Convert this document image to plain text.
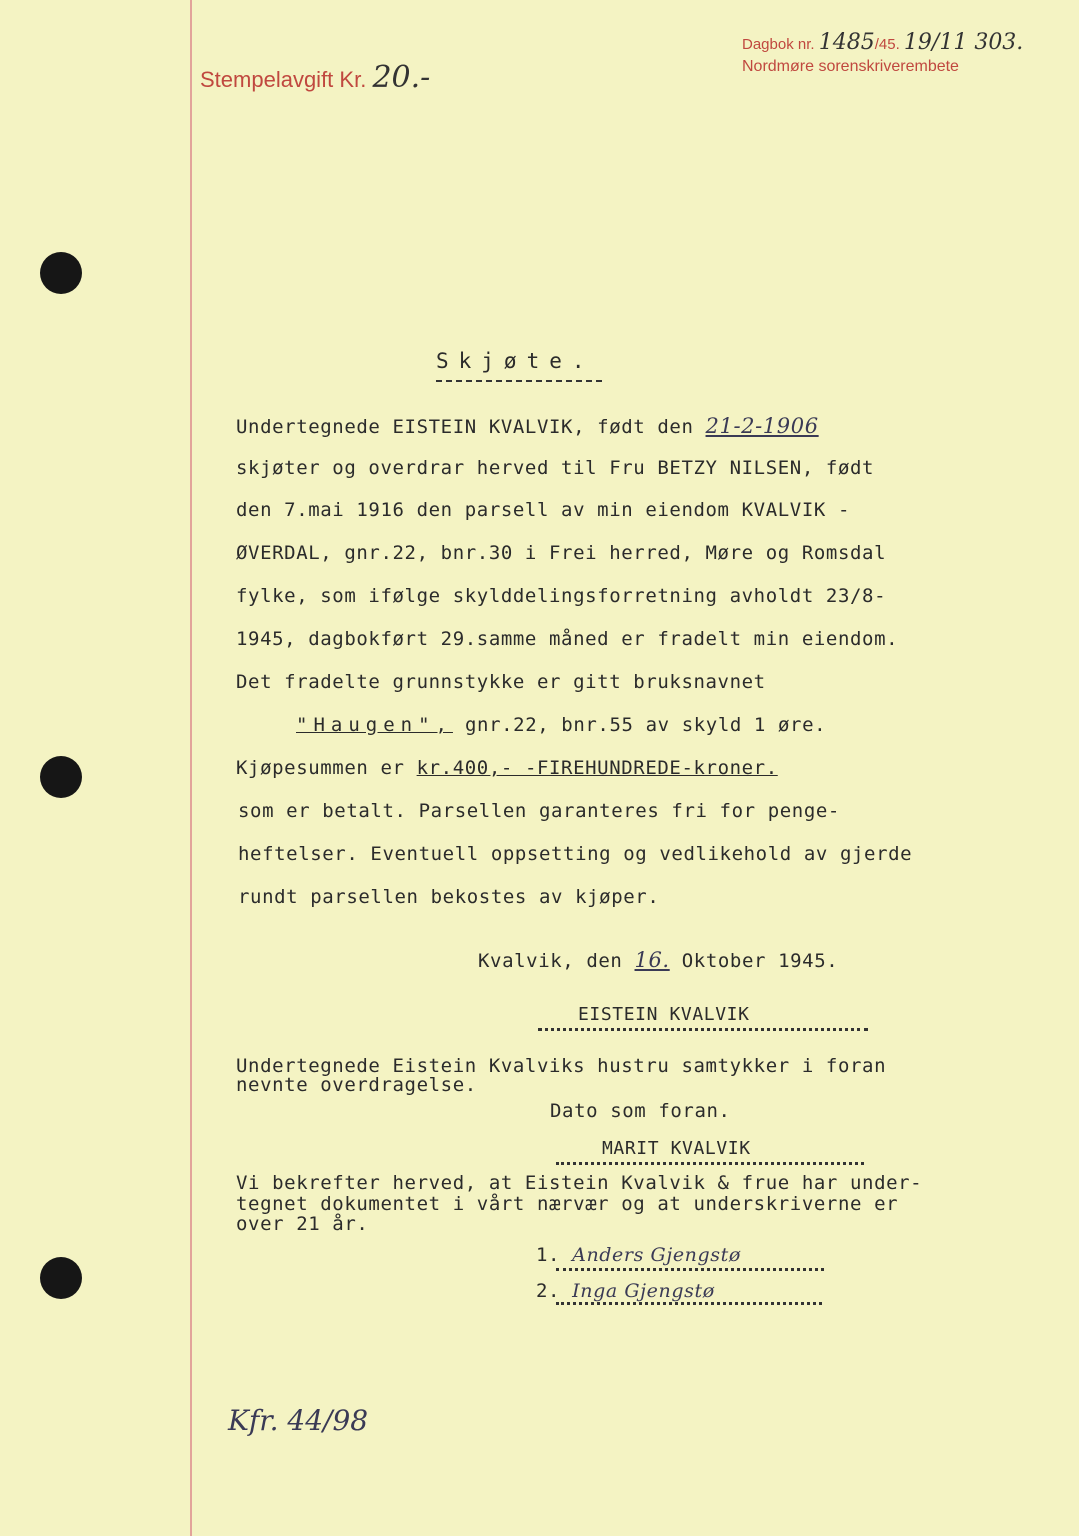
Stempelavgift Kr. 20.-
Dagbok nr. 1485/45. 19/11 303.
Nordmøre sorenskriverembete
Skjøte.
Undertegnede EISTEIN KVALVIK, født den 21-2-1906
skjøter og overdrar herved til Fru BETZY NILSEN, født
den 7.mai 1916 den parsell av min eiendom KVALVIK -
ØVERDAL, gnr.22, bnr.30 i Frei herred, Møre og Romsdal
fylke, som ifølge skylddelingsforretning avholdt 23/8-
1945, dagbokført 29.samme måned er fradelt min eiendom.
Det fradelte grunnstykke er gitt bruksnavnet
"Haugen", gnr.22, bnr.55 av skyld 1 øre.
Kjøpesummen er kr.400,- -FIREHUNDREDE-kroner.
som er betalt. Parsellen garanteres fri for penge-
heftelser. Eventuell oppsetting og vedlikehold av gjerde
rundt parsellen bekostes av kjøper.
Kvalvik, den 16. Oktober 1945.
EISTEIN KVALVIK
Undertegnede Eistein Kvalviks hustru samtykker i foran
nevnte overdragelse.
Dato som foran.
MARIT KVALVIK
Vi bekrefter herved, at Eistein Kvalvik & frue har under-
tegnet dokumentet i vårt nærvær og at underskriverne er
over 21 år.
1. Anders Gjengstø
2. Inga Gjengstø
Kfr. 44/98
